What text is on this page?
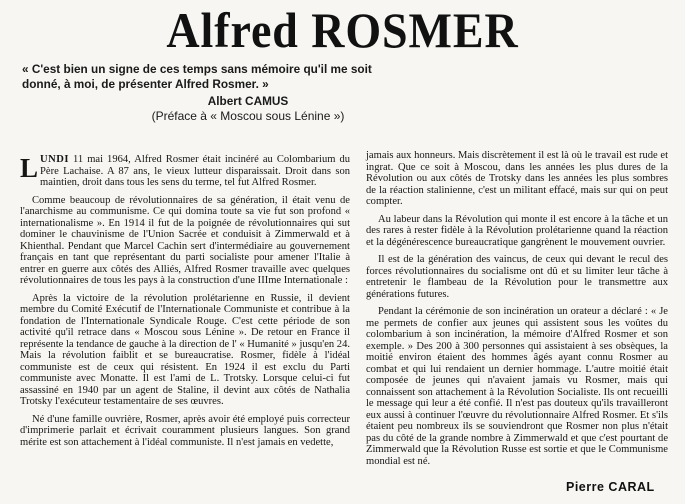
Alfred ROSMER

« C'est bien un signe de ces temps sans mémoire qu'il me soit donné, à moi, de présenter Alfred Rosmer. »

Albert CAMUS
(Préface à « Moscou sous Lénine »)

LUNDI 11 mai 1964, Alfred Rosmer était incinéré au Colombarium du Père Lachaise. A 87 ans, le vieux lutteur disparaissait. Droit dans son maintien, droit dans tous les sens du terme, tel fut Alfred Rosmer.

Comme beaucoup de révolutionnaires de sa génération, il était venu de l'anarchisme au communisme. Ce qui domina toute sa vie fut son profond « internationalisme ». En 1914 il fut de la poignée de révolutionnaires qui sut dominer le chauvinisme de l'Union Sacrée et conduisit à Zimmerwald et à Khienthal. Pendant que Marcel Cachin sert d'intermédiaire au gouvernement français en tant que représentant du parti socialiste pour amener l'Italie à entrer en guerre aux côtés des Alliés, Alfred Rosmer travaille avec quelques révolutionnaires de tous les pays à la construction d'une IIIme Internationale :

Après la victoire de la révolution prolétarienne en Russie, il devient membre du Comité Exécutif de l'Internationale Communiste et contribue à la fondation de l'Internationale Syndicale Rouge. C'est cette période de son activité qu'il retrace dans « Moscou sous Lénine ». De retour en France il représente la tendance de gauche à la direction de l' « Humanité » jusqu'en 24. Mais la révolution faiblit et se bureaucratise. Rosmer, fidèle à l'idéal communiste est de ceux qui résistent. En 1924 il est exclu du Parti communiste avec Monatte. Il est l'ami de L. Trotsky. Lorsque celui-ci fut assassiné en 1940 par un agent de Staline, il devint aux côtés de Nathalia Trotsky l'exécuteur testamentaire de ses œuvres.

Né d'une famille ouvrière, Rosmer, après avoir été employé puis correcteur d'imprimerie parlait et écrivait couramment plusieurs langues. Son grand mérite est son attachement à l'idéal communiste. Il n'est jamais en vedette,

jamais aux honneurs. Mais discrètement il est là où le travail est rude et ingrat. Que ce soit à Moscou, dans les années les plus dures de la Révolution ou aux côtés de Trotsky dans les années les plus sombres de la réaction stalinienne, c'est un militant effacé, mais sur qui on peut compter.

Au labeur dans la Révolution qui monte il est encore à la tâche et un des rares à rester fidèle à la Révolution prolétarienne quand la réaction et la dégénérescence bureaucratique gangrènent le mouvement ouvrier.

Il est de la génération des vaincus, de ceux qui devant le recul des forces révolutionnaires du socialisme ont dû et su limiter leur tâche à entretenir le flambeau de la Révolution pour le transmettre aux générations futures.

Pendant la cérémonie de son incinération un orateur a déclaré : « Je me permets de confier aux jeunes qui assistent sous les voûtes du colombarium à son incinération, la mémoire d'Alfred Rosmer et son exemple. » Des 200 à 300 personnes qui assistaient à ses obsèques, la moitié environ étaient des hommes âgés ayant connu Rosmer au combat et qui lui rendaient un dernier hommage. L'autre moitié était composée de jeunes qui n'avaient jamais vu Rosmer, mais qui connaissent son attachement à la Révolution Socialiste. Ils ont recueilli le message qui leur a été confié. Il n'est pas douteux qu'ils travailleront eux aussi à continuer l'œuvre du révolutionnaire Alfred Rosmer. Et s'ils étaient peu nombreux ils se souviendront que Rosmer non plus n'était pas du côté de la grande nombre à Zimmerwald et que c'est pourtant de Zimmerwald que la Révolution Russe est sortie et que le Communisme mondial est né.

Pierre CARAL
